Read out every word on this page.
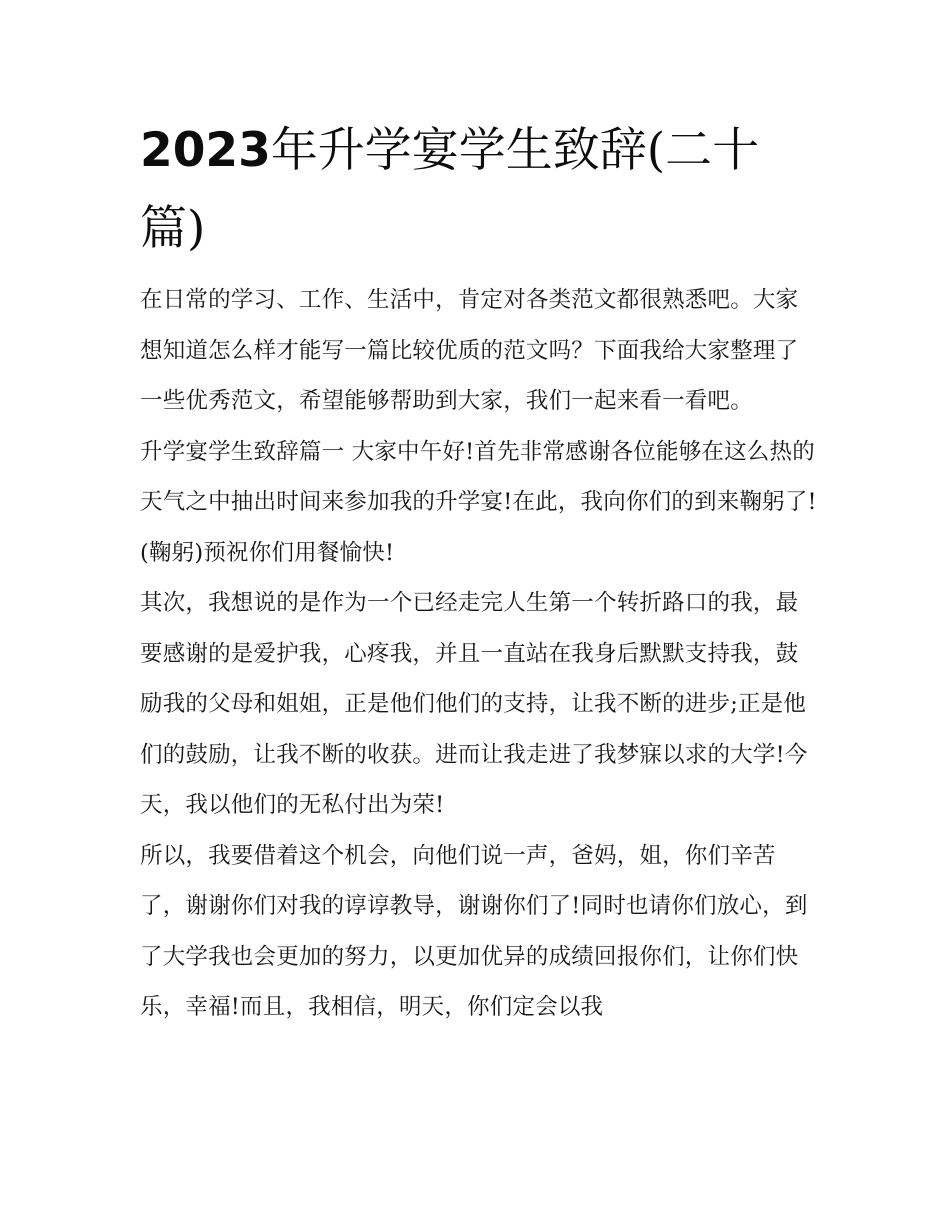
2023年升学宴学生致辞(二十篇)

在日常的学习、工作、生活中，肯定对各类范文都很熟悉吧。大家想知道怎么样才能写一篇比较优质的范文吗？下面我给大家整理了一些优秀范文，希望能够帮助到大家，我们一起来看一看吧。

升学宴学生致辞篇一 大家中午好!首先非常感谢各位能够在这么热的天气之中抽出时间来参加我的升学宴!在此，我向你们的到来鞠躬了!(鞠躬)预祝你们用餐愉快!

其次，我想说的是作为一个已经走完人生第一个转折路口的我，最要感谢的是爱护我，心疼我，并且一直站在我身后默默支持我，鼓励我的父母和姐姐，正是他们他们的支持，让我不断的进步;正是他们的鼓励，让我不断的收获。进而让我走进了我梦寐以求的大学!今天，我以他们的无私付出为荣!

所以，我要借着这个机会，向他们说一声，爸妈，姐，你们辛苦了，谢谢你们对我的谆谆教导，谢谢你们了!同时也请你们放心，到了大学我也会更加的努力，以更加优异的成绩回报你们，让你们快乐，幸福!而且，我相信，明天，你们定会以我
